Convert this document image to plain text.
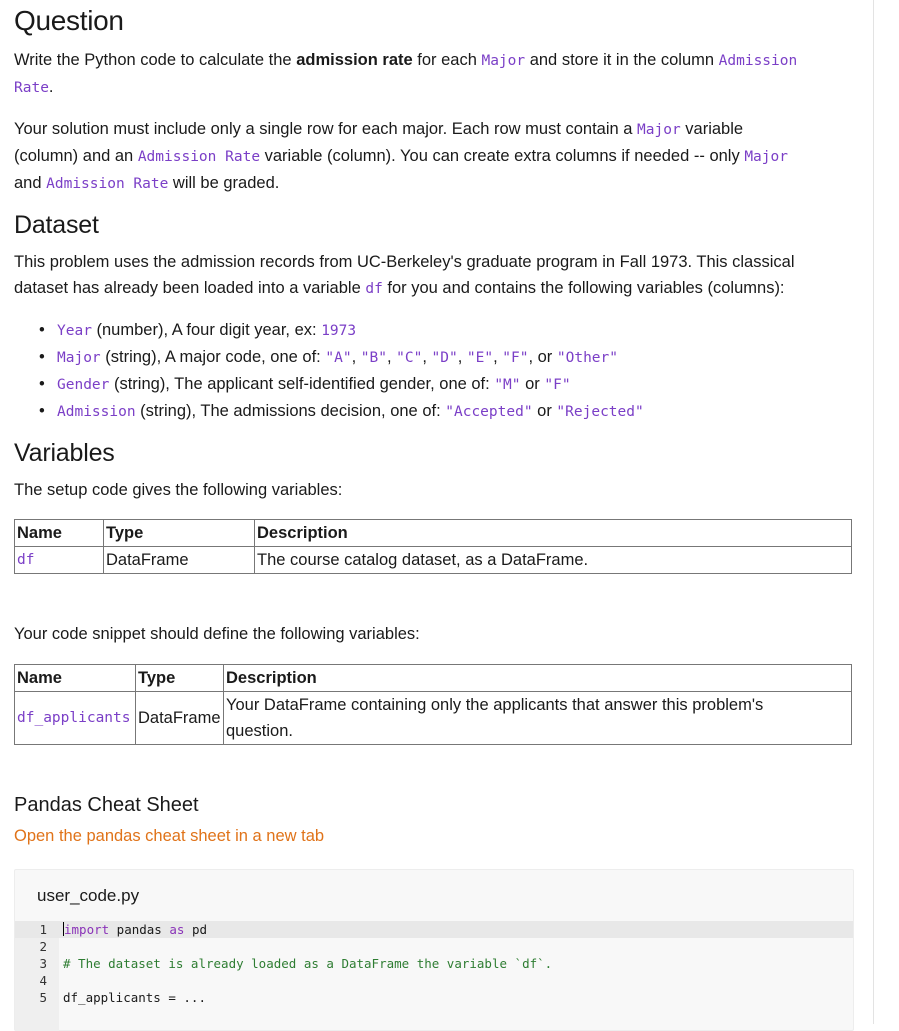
Question

Write the Python code to calculate the admission rate for each Major and store it in the column Admission
Rate.

Your solution must include only a single row for each major. Each row must contain a Major variable
(column) and an Admission Rate variable (column). You can create extra columns if needed -- only Major
and Admission Rate will be graded.

Dataset

This problem uses the admission records from UC-Berkeley's graduate program in Fall 1973. This classical
dataset has already been loaded into a variable df for you and contains the following variables (columns):

• Year (number), A four digit year, ex: 1973
• Major (string), A major code, one of: "A", "B", "C", "D", "E", "F", or "Other"
• Gender (string), The applicant self-identified gender, one of: "M" or "F"
• Admission (string), The admissions decision, one of: "Accepted" or "Rejected"
Variables

The setup code gives the following variables:

Name	Type	Description
df	DataFrame	The course catalog dataset, as a DataFrame.

Your code snippet should define the following variables:

Name	Type	Description
df_applicants	DataFrame	Your DataFrame containing only the applicants that answer this problem's
question.
Pandas Cheat Sheet
Open the pandas cheat sheet in a new tab
user_code.py
1 import pandas as pd
2
3 # The dataset is already loaded as a DataFrame the variable `df`.
4
5 df_applicants = ...
